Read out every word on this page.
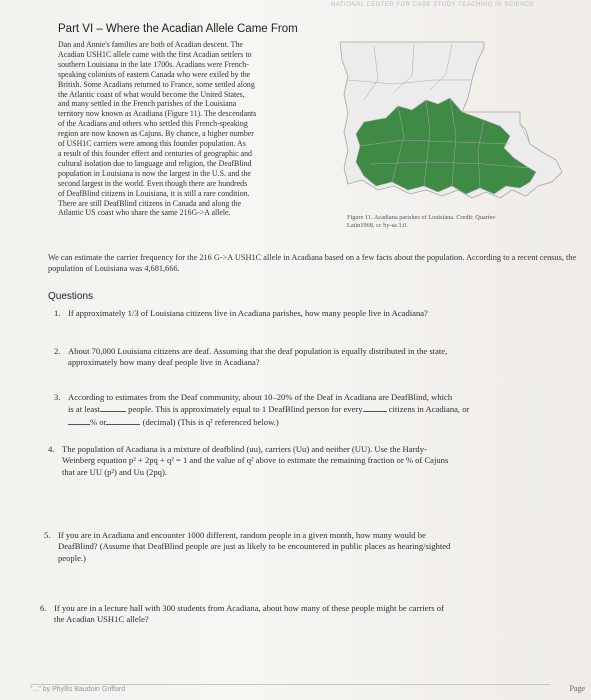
NATIONAL CENTER FOR CASE STUDY TEACHING IN SCIENCE
Part VI – Where the Acadian Allele Came From
Dan and Annie's families are both of Acadian descent. The
Acadian USH1C allele came with the first Acadian settlers to
southern Louisiana in the late 1700s. Acadians were French-
speaking colonists of eastern Canada who were exiled by the
British. Some Acadians returned to France, some settled along
the Atlantic coast of what would become the United States,
and many settled in the French parishes of the Louisiana
territory now known as Acadiana (Figure 11). The descendants
of the Acadians and others who settled this French-speaking
region are now known as Cajuns. By chance, a higher number
of USH1C carriers were among this founder population. As
a result of this founder effect and centuries of geographic and
cultural isolation due to language and religion, the DeafBlind
population in Louisiana is now the largest in the U.S. and the
second largest in the world. Even though there are hundreds
of DeafBlind citizens in Louisiana, it is still a rare condition.
There are still DeafBlind citizens in Canada and along the
Atlantic US coast who share the same 216G->A allele.
Figure 11. Acadiana parishes of Louisiana. Credit: Quarter-
Latin1968, cc by-sa 3.0.
We can estimate the carrier frequency for the 216 G->A USH1C allele in Acadiana based on a few facts about the population. According to a recent census, the population of Louisiana was 4,681,666.
Questions
1. If approximately 1/3 of Louisiana citizens live in Acadiana parishes, how many people live in Acadiana?
2. About 70,000 Louisiana citizens are deaf. Assuming that the deaf population is equally distributed in the state,
approximately how many deaf people live in Acadiana?
3. According to estimates from the Deaf community, about 10–20% of the Deaf in Acadiana are DeafBlind, which
is at least	people. This is approximately equal to 1 DeafBlind person for every	citizens in Acadiana, or
% or	(decimal) (This is q² referenced below.)
4. The population of Acadiana is a mixture of deafblind (uu), carriers (Uu) and neither (UU). Use the Hardy-
Weinberg equation p² + 2pq + q² = 1 and the value of q² above to estimate the remaining fraction or % of Cajuns
that are UU (p²) and Uu (2pq).
5. If you are in Acadiana and encounter 1000 different, random people in a given month, how many would be
DeafBlind? (Assume that DeafBlind people are just as likely to be encountered in public places as hearing/sighted
people.)
6. If you are in a lecture hall with 300 students from Acadiana, about how many of these people might be carriers of
the Acadian USH1C allele?
"..." by Phyllis Baudoin Griffard	Page
